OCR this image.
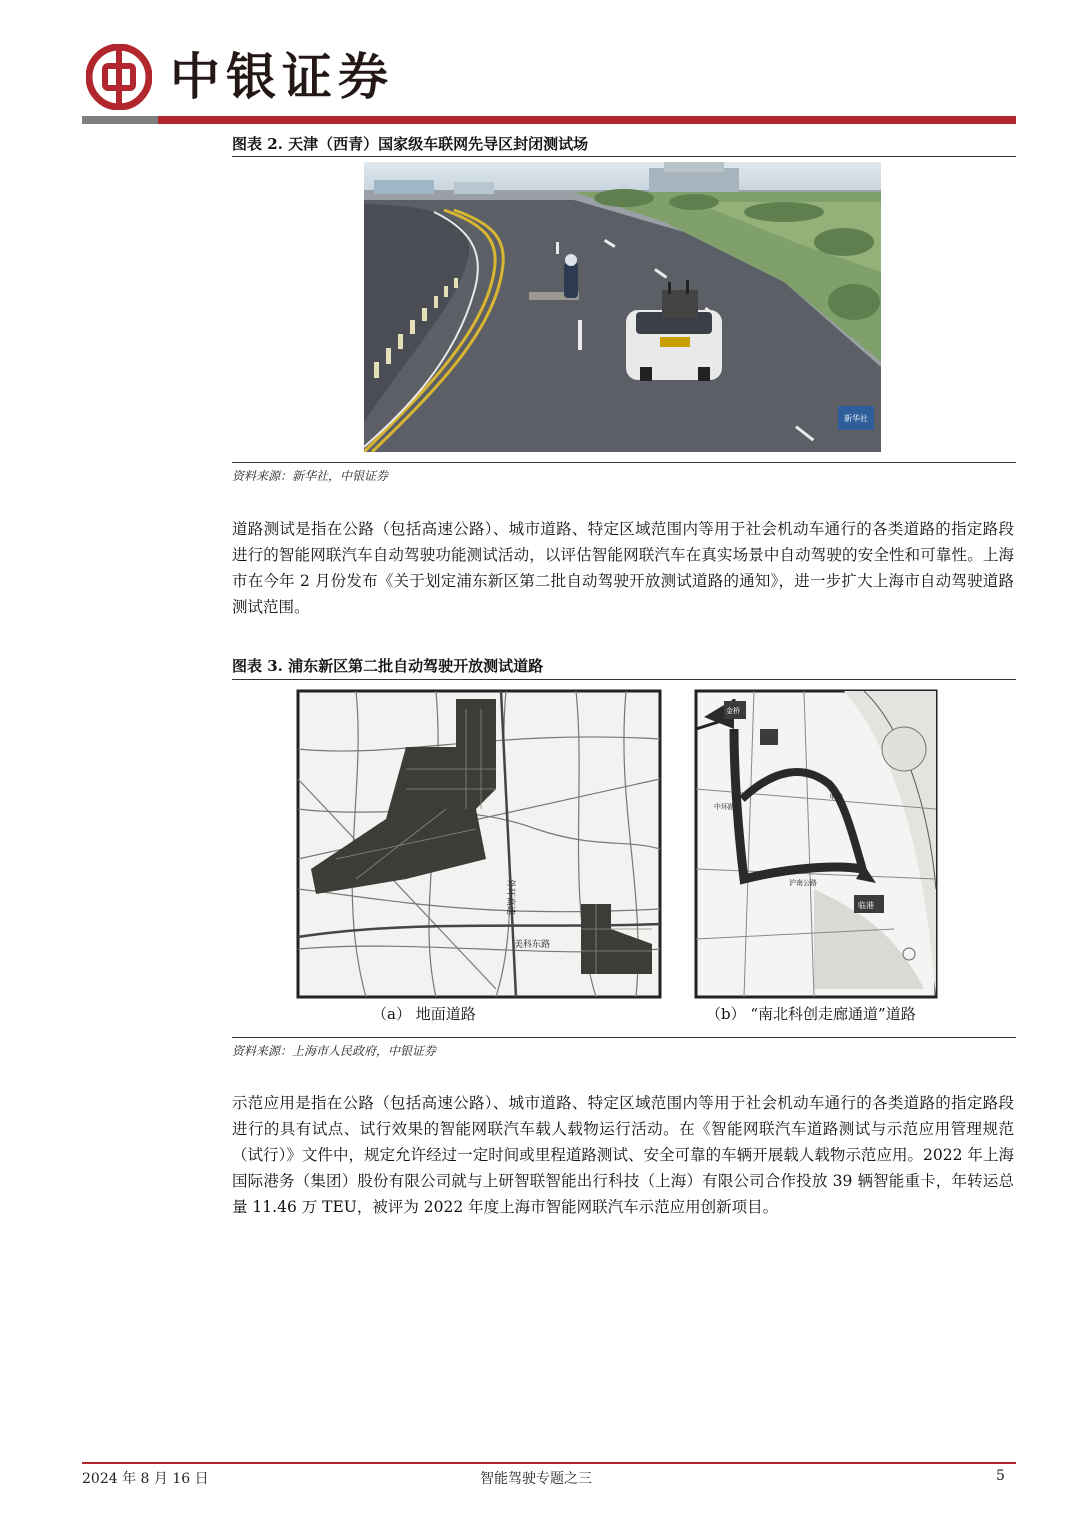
中银证券
图表 2. 天津（西青）国家级车联网先导区封闭测试场
新华社
资料来源：新华社，中银证券

道路测试是指在公路（包括高速公路）、城市道路、特定区域范围内等用于社会机动车通行的各类道路的指定路段进行的智能网联汽车自动驾驶功能测试活动，以评估智能网联汽车在真实场景中自动驾驶的安全性和可靠性。上海市在今年 2 月份发布《关于划定浦东新区第二批自动驾驶开放测试道路的通知》，进一步扩大上海市自动驾驶道路测试范围。

图表 3. 浦东新区第二批自动驾驶开放测试道路
外环高速
美科东路
（a） 地面道路
金桥
中环路
沪南公路
申港
临港
（b） “南北科创走廊通道”道路
资料来源：上海市人民政府，中银证券

示范应用是指在公路（包括高速公路）、城市道路、特定区域范围内等用于社会机动车通行的各类道路的指定路段进行的具有试点、试行效果的智能网联汽车载人载物运行活动。在《智能网联汽车道路测试与示范应用管理规范（试行）》文件中，规定允许经过一定时间或里程道路测试、安全可靠的车辆开展载人载物示范应用。2022 年上海国际港务（集团）股份有限公司就与上研智联智能出行科技（上海）有限公司合作投放 39 辆智能重卡，年转运总量 11.46 万 TEU，被评为 2022 年度上海市智能网联汽车示范应用创新项目。

2024 年 8 月 16 日	智能驾驶专题之三	5
